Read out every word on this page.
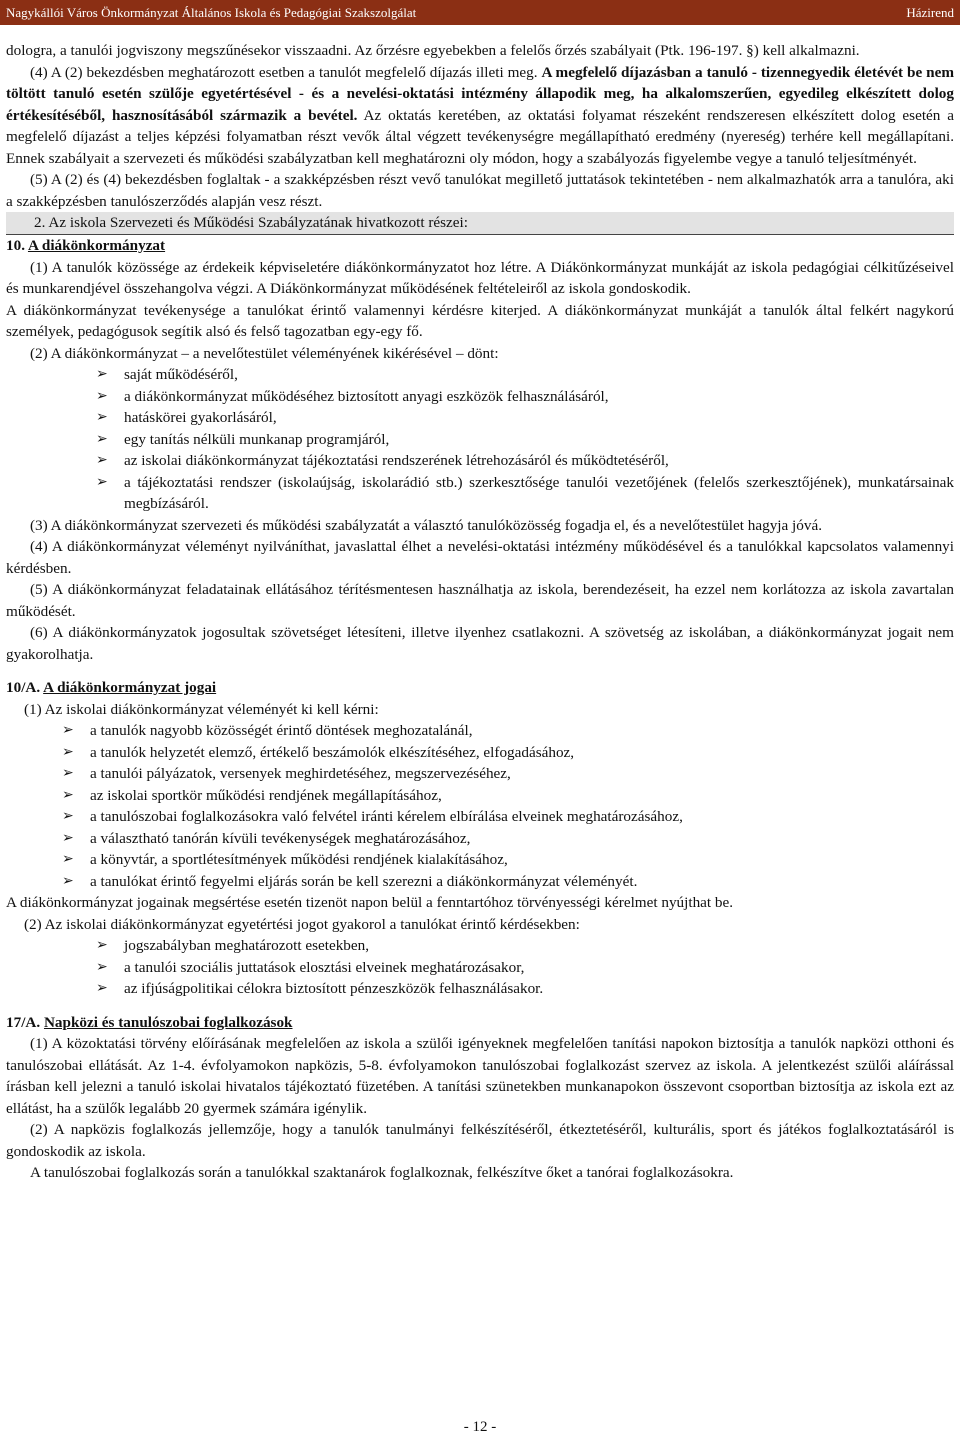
Nagykállói Város Önkormányzat Általános Iskola és Pedagógiai Szakszolgálat	Házirend

dologra, a tanulói jogviszony megszűnésekor visszaadni. Az őrzésre egyebekben a felelős őrzés szabályait (Ptk. 196-197. §) kell alkalmazni.

(4) A (2) bekezdésben meghatározott esetben a tanulót megfelelő díjazás illeti meg. A megfelelő díjazásban a tanuló - tizennegyedik életévét be nem töltött tanuló esetén szülője egyetértésével - és a nevelési-oktatási intézmény állapodik meg, ha alkalomszerűen, egyedileg elkészített dolog értékesítéséből, hasznosításából származik a bevétel. Az oktatás keretében, az oktatási folyamat részeként rendszeresen elkészített dolog esetén a megfelelő díjazást a teljes képzési folyamatban részt vevők által végzett tevékenységre megállapítható eredmény (nyereség) terhére kell megállapítani. Ennek szabályait a szervezeti és működési szabályzatban kell meghatározni oly módon, hogy a szabályozás figyelembe vegye a tanuló teljesítményét.

(5) A (2) és (4) bekezdésben foglaltak - a szakképzésben részt vevő tanulókat megillető juttatások tekintetében - nem alkalmazhatók arra a tanulóra, aki a szakképzésben tanulószerződés alapján vesz részt.

2. Az iskola Szervezeti és Működési Szabályzatának hivatkozott részei:

10. A diákönkormányzat

(1) A tanulók közössége az érdekeik képviseletére diákönkormányzatot hoz létre. A Diákönkormányzat munkáját az iskola pedagógiai célkitűzéseivel és munkarendjével összehangolva végzi. A Diákönkormányzat működésének feltételeiről az iskola gondoskodik.

A diákönkormányzat tevékenysége a tanulókat érintő valamennyi kérdésre kiterjed. A diákönkormányzat munkáját a tanulók által felkért nagykorú személyek, pedagógusok segítik alsó és felső tagozatban egy-egy fő.

(2) A diákönkormányzat – a nevelőtestület véleményének kikérésével – dönt:

➢ saját működéséről,
➢ a diákönkormányzat működéséhez biztosított anyagi eszközök felhasználásáról,
➢ hatáskörei gyakorlásáról,
➢ egy tanítás nélküli munkanap programjáról,
➢ az iskolai diákönkormányzat tájékoztatási rendszerének létrehozásáról és működtetéséről,
➢ a tájékoztatási rendszer (iskolaújság, iskolarádió stb.) szerkesztősége tanulói vezetőjének (felelős szerkesztőjének), munkatársainak megbízásáról.

(3) A diákönkormányzat szervezeti és működési szabályzatát a választó tanulóközösség fogadja el, és a nevelőtestület hagyja jóvá.

(4) A diákönkormányzat véleményt nyilváníthat, javaslattal élhet a nevelési-oktatási intézmény működésével és a tanulókkal kapcsolatos valamennyi kérdésben.

(5) A diákönkormányzat feladatainak ellátásához térítésmentesen használhatja az iskola, berendezéseit, ha ezzel nem korlátozza az iskola zavartalan működését.

(6) A diákönkormányzatok jogosultak szövetséget létesíteni, illetve ilyenhez csatlakozni. A szövetség az iskolában, a diákönkormányzat jogait nem gyakorolhatja.

10/A. A diákönkormányzat jogai

(1) Az iskolai diákönkormányzat véleményét ki kell kérni:

➢ a tanulók nagyobb közösségét érintő döntések meghozatalánál,
➢ a tanulók helyzetét elemző, értékelő beszámolók elkészítéséhez, elfogadásához,
➢ a tanulói pályázatok, versenyek meghirdetéséhez, megszervezéséhez,
➢ az iskolai sportkör működési rendjének megállapításához,
➢ a tanulószobai foglalkozásokra való felvétel iránti kérelem elbírálása elveinek meghatározásához,
➢ a választható tanórán kívüli tevékenységek meghatározásához,
➢ a könyvtár, a sportlétesítmények működési rendjének kialakításához,
➢ a tanulókat érintő fegyelmi eljárás során be kell szerezni a diákönkormányzat véleményét.

A diákönkormányzat jogainak megsértése esetén tizenöt napon belül a fenntartóhoz törvényességi kérelmet nyújthat be.

(2) Az iskolai diákönkormányzat egyetértési jogot gyakorol a tanulókat érintő kérdésekben:

➢ jogszabályban meghatározott esetekben,
➢ a tanulói szociális juttatások elosztási elveinek meghatározásakor,
➢ az ifjúságpolitikai célokra biztosított pénzeszközök felhasználásakor.

17/A. Napközi és tanulószobai foglalkozások

(1) A közoktatási törvény előírásának megfelelően az iskola a szülői igényeknek megfelelően tanítási napokon biztosítja a tanulók napközi otthoni és tanulószobai ellátását. Az 1-4. évfolyamokon napközis, 5-8. évfolyamokon tanulószobai foglalkozást szervez az iskola. A jelentkezést szülői aláírással írásban kell jelezni a tanuló iskolai hivatalos tájékoztató füzetében. A tanítási szünetekben munkanapokon összevont csoportban biztosítja az iskola ezt az ellátást, ha a szülők legalább 20 gyermek számára igénylik.

(2) A napközis foglalkozás jellemzője, hogy a tanulók tanulmányi felkészítéséről, étkeztetéséről, kulturális, sport és játékos foglalkoztatásáról is gondoskodik az iskola.

A tanulószobai foglalkozás során a tanulókkal szaktanárok foglalkoznak, felkészítve őket a tanórai foglalkozásokra.

- 12 -
